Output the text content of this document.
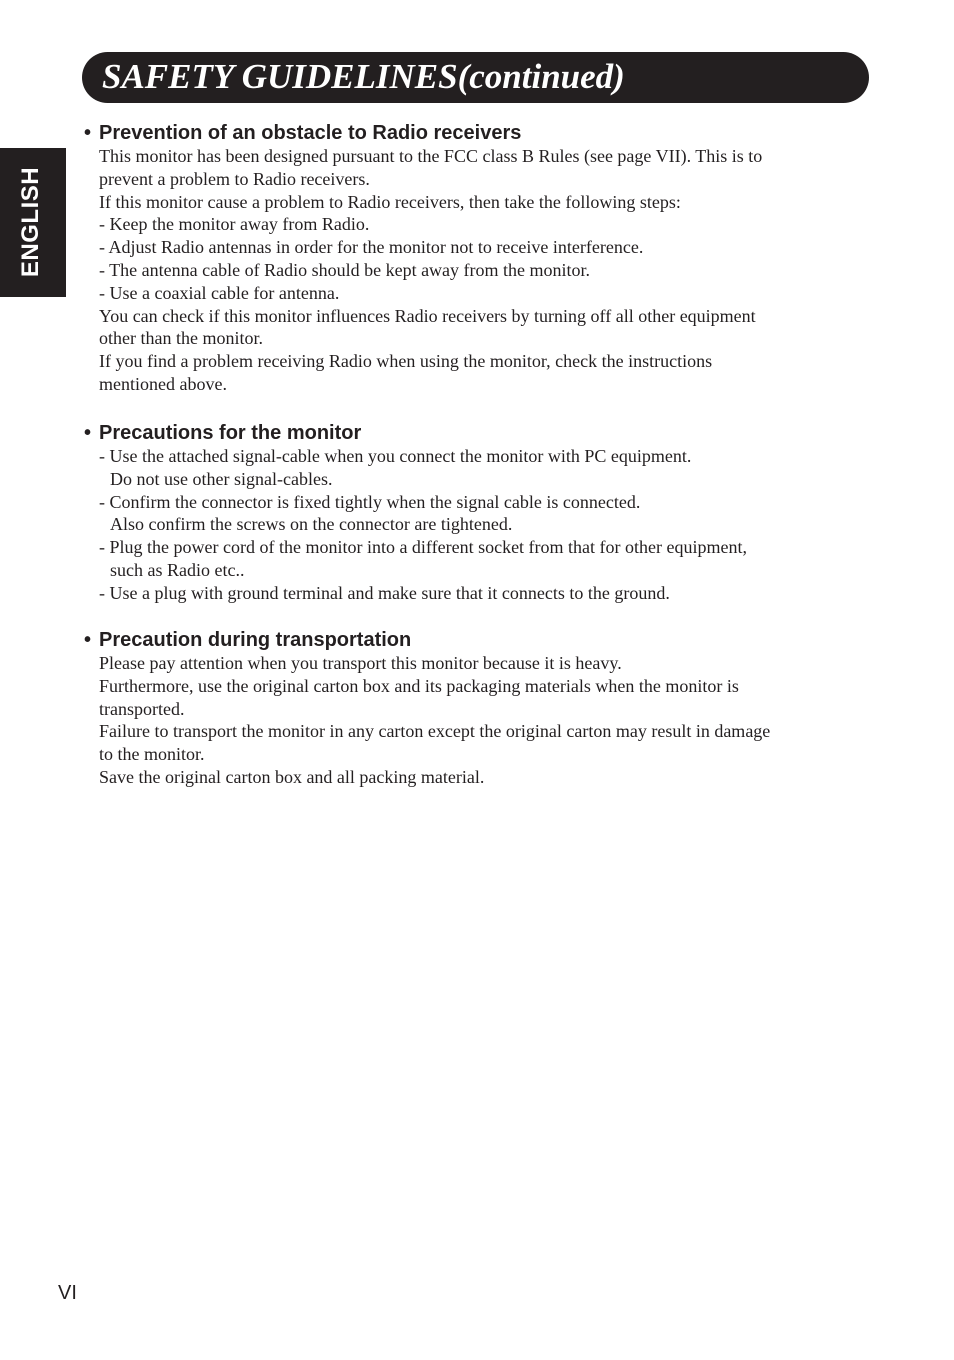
SAFETY GUIDELINES(continued)
ENGLISH
• Prevention of an obstacle to Radio receivers
This monitor has been designed pursuant to the FCC class B Rules (see page VII). This is to
prevent a problem to Radio receivers.
If this monitor cause a problem to Radio receivers, then take the following steps:
- Keep the monitor away from Radio.
- Adjust Radio antennas in order for the monitor not to receive interference.
- The antenna cable of Radio should be kept away from the monitor.
- Use a coaxial cable for antenna.
You can check if this monitor influences Radio receivers by turning off all other equipment
other than the monitor.
If you find a problem receiving Radio when using the monitor, check the instructions
mentioned above.
• Precautions for the monitor
- Use the attached signal-cable when you connect the monitor with PC equipment.
Do not use other signal-cables.
- Confirm the connector is fixed tightly when the signal cable is connected.
Also confirm the screws on the connector are tightened.
- Plug the power cord of the monitor into a different socket from that for other equipment,
such as Radio etc..
- Use a plug with ground terminal and make sure that it connects to the ground.
• Precaution during transportation
Please pay attention when you transport this monitor because it is heavy.
Furthermore, use the original carton box and its packaging materials when the monitor is
transported.
Failure to transport the monitor in any carton except the original carton may result in damage
to the monitor.
Save the original carton box and all packing material.
VI
